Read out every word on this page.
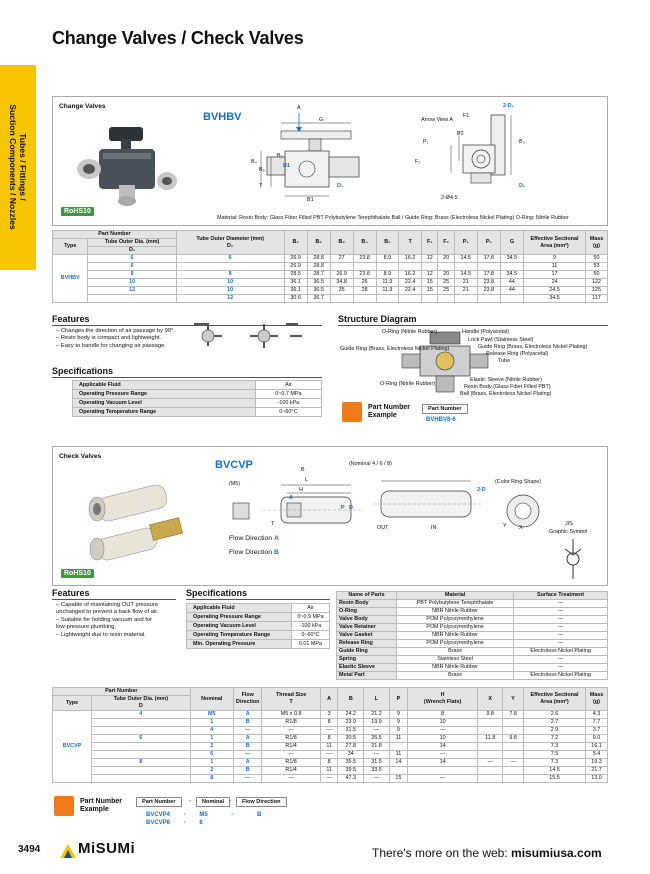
Change Valves / Check Valves
Tubes / Fittings /
Suction Components / Nozzles	Change Valves
RoHS10
BVHBV
A
G
B₄
B₅
T
B1
B₂
D1
D₂
Arrow View A
F1
P2
P₁
F₂
2-D₂
B₃
D₂
2-Ø4.5
Material: Resin Body: Glass Fiber Filled PBT Polybutylene Terephthalate Ball / Guide Ring: Brass (Electroless Nickel Plating) O-Ring: Nitrile Rubber
Part Number		Tube Outer Diameter (mm)
D₂	B₁	B₂	B₃	B₄	B₅	T	F₁	F₂	P₁	P₂	G	Effective Sectional Area (mm²)	Mass (g)
Type	Tube Outer Dia. (mm)														
	D₁														
BVHBV	6	6	26.9	28.8	27	23.8	8.9	16.2	12	20	14.5	17.8	34.5	9	50
	6		26.9	28.8										11	53
	8	8	28.5	28.7	26.9	23.8	8.9	16.2	12	20	14.5	17.8	34.5	17	50
	10	10	36.1	36.5	34.8	26	11.9	22.4	15	25	21	23.8	44	24	122
	12	10	36.1	36.5	35	28	11.9	22.4	15	25	21	23.8	44	24.5	125
		12	30.6	36.7										34.5	117
Features
– Changes the direction of air passage by 90°.
– Resin body is compact and lightweight.
– Easy to handle for changing air passage.
Specifications
Applicable Fluid	Air
Operating Pressure Range	0~0.7 MPa
Operating Vacuum Level	-100 kPa
Operating Temperature Range	0~60°C
Structure Diagram
O-Ring (Nitrile Rubber)	Handle (Polyacetal)
Lock Pawl (Stainless Steel)
Guide Ring (Brass, Electroless Nickel Plating)	Guide Ring (Brass, Electroless Nickel Plating)
Release Ring (Polyacetal)
Tube
O-Ring (Nitrile Rubber)
Elastic Sleeve (Nitrile Rubber)
Resin Body (Glass Fiber Filled PBT)
Ball (Brass, Electroless Nickel Plating)
Part Number Example
Part Number
BVHBV8-6
Check Valves
RoHS10
BVCVP	(Nominal 4 / 6 / 8)
(M5)
B
L
H
A
T
P D
2-D
(Color Ring Shape)
X
Y
OUT	IN
Flow Direction A
Flow Direction B
JIS
Graphic Symbol
Features
– Capable of maintaining OUT pressure
unchanged to prevent a back flow of air.
– Suitable for holding vacuum and for
low-pressure plumbing.
– Lightweight due to resin material.
Specifications
Applicable Fluid	Air
Operating Pressure Range	0~0.9 MPa
Operating Vacuum Level	-100 kPa
Operating Temperature Range	0~60°C
Min. Operating Pressure	0.01 MPa
Name of Parts	Material	Surface Treatment
Resin Body	PBT Polybutylene Terephthalate	—
O-Ring	NBR Nitrile Rubber	—
Valve Body	POM Polyoxymethylene	—
Valve Retainer	POM Polyoxymethylene	—
Valve Gasket	NBR Nitrile Rubber	—
Release Ring	POM Polyoxymethylene	—
Guide Ring	Brass	Electroless Nickel Plating
Spring	Stainless Steel	—
Elastic Sleeve	NBR Nitrile Rubber	—
Metal Part	Brass	Electroless Nickel Plating
Part Number		Nominal	Flow Direction	Thread Size
T	A	B	L	P	H
(Wrench Flats)	X	Y	Effective Sectional Area (mm²)	Mass (g)
Type	Tube Outer Dia. (mm)
D												
BVCVP	4	M5	A	M5 x 0.8	3	24.2	21.2	9	8	9.8	7.8	2.6	4.3
		1	B	R1/8	8	23.9	19.9	9	10			2.7	7.7
		4	—	—	—	31.5	—	9	—			2.9	3.7
	6	1	A	R1/8	8	30.5	26.5	11	10	11.8	9.8	7.2	9.0
		2	B	R1/4	11	27.8	21.8		14			7.3	16.1
		6	—	—	—	34	—	11	—			7.5	5.4
	8	1	A	R1/8	8	35.5	31.5	14	14	—	—	7.3	19.3
		2	B	R1/4	11	39.5	33.5					14.5	21.7
		8	—	—	—	47.3	—	15	—			15.5	13.0
Part Number Example
Part Number	-	Nominal -	Flow Direction
BVCVP4 - M5	-	B
BVCVP6 - 6
3494	MiSUMi	There's more on the web: misumiusa.com
